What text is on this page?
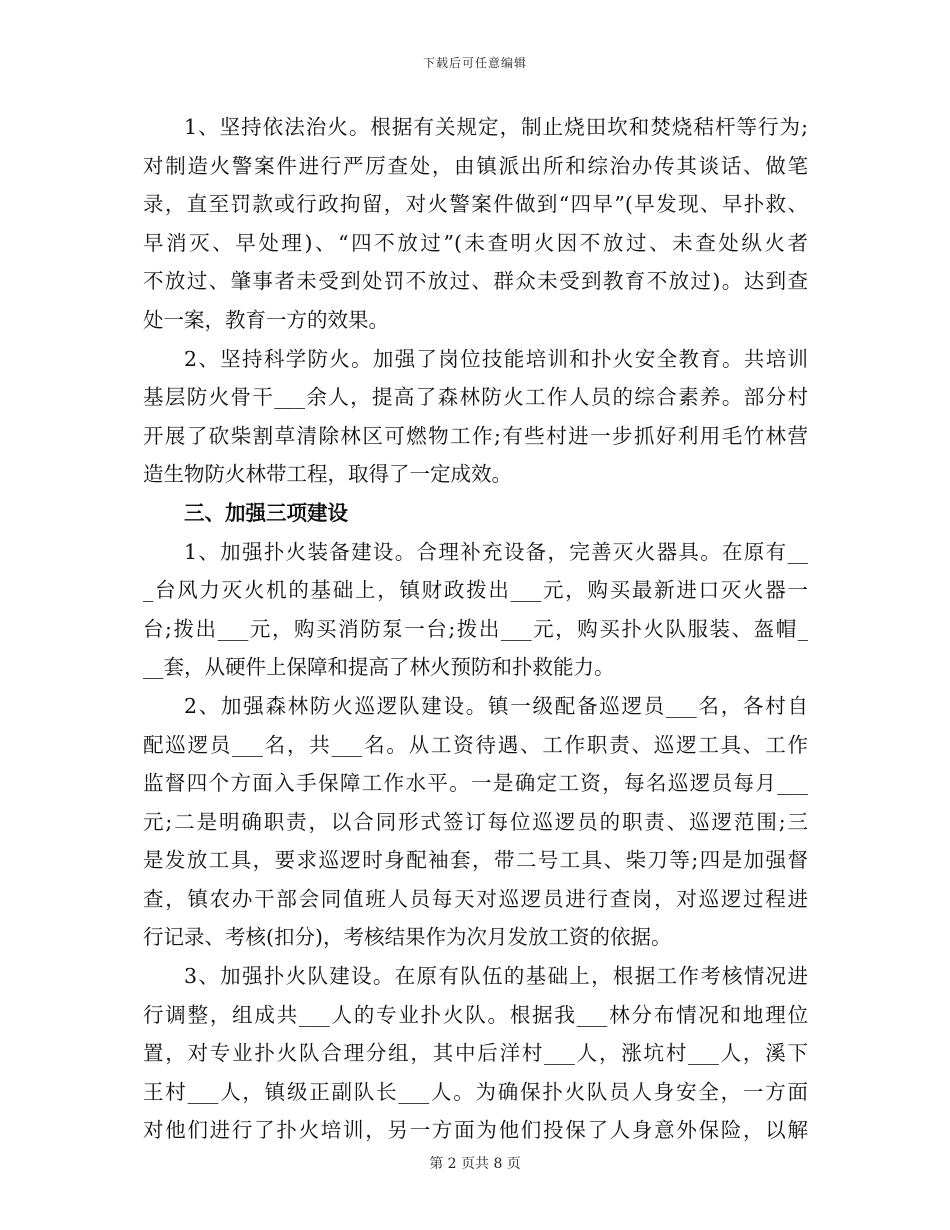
下载后可任意编辑
1、坚持依法治火。根据有关规定，制止烧田坎和焚烧秸杆等行为;
对制造火警案件进行严厉查处，由镇派出所和综治办传其谈话、做笔
录，直至罚款或行政拘留，对火警案件做到“四早”(早发现、早扑救、
早消灭、早处理)、“四不放过”(未查明火因不放过、未查处纵火者
不放过、肇事者未受到处罚不放过、群众未受到教育不放过)。达到查
处一案，教育一方的效果。
2、坚持科学防火。加强了岗位技能培训和扑火安全教育。共培训
基层防火骨干___余人，提高了森林防火工作人员的综合素养。部分村
开展了砍柴割草清除林区可燃物工作;有些村进一步抓好利用毛竹林营
造生物防火林带工程，取得了一定成效。
三、加强三项建设
1、加强扑火装备建设。合理补充设备，完善灭火器具。在原有__
_台风力灭火机的基础上，镇财政拨出___元，购买最新进口灭火器一
台;拨出___元，购买消防泵一台;拨出___元，购买扑火队服装、盔帽_
__套，从硬件上保障和提高了林火预防和扑救能力。
2、加强森林防火巡逻队建设。镇一级配备巡逻员___名，各村自
配巡逻员___名，共___名。从工资待遇、工作职责、巡逻工具、工作
监督四个方面入手保障工作水平。一是确定工资，每名巡逻员每月___
元;二是明确职责，以合同形式签订每位巡逻员的职责、巡逻范围;三
是发放工具，要求巡逻时身配袖套，带二号工具、柴刀等;四是加强督
查，镇农办干部会同值班人员每天对巡逻员进行查岗，对巡逻过程进
行记录、考核(扣分)，考核结果作为次月发放工资的依据。
3、加强扑火队建设。在原有队伍的基础上，根据工作考核情况进
行调整，组成共___人的专业扑火队。根据我___林分布情况和地理位
置，对专业扑火队合理分组，其中后洋村___人，涨坑村___人，溪下
王村___人，镇级正副队长___人。为确保扑火队员人身安全，一方面
对他们进行了扑火培训，另一方面为他们投保了人身意外保险，以解
第 2 页共 8 页
